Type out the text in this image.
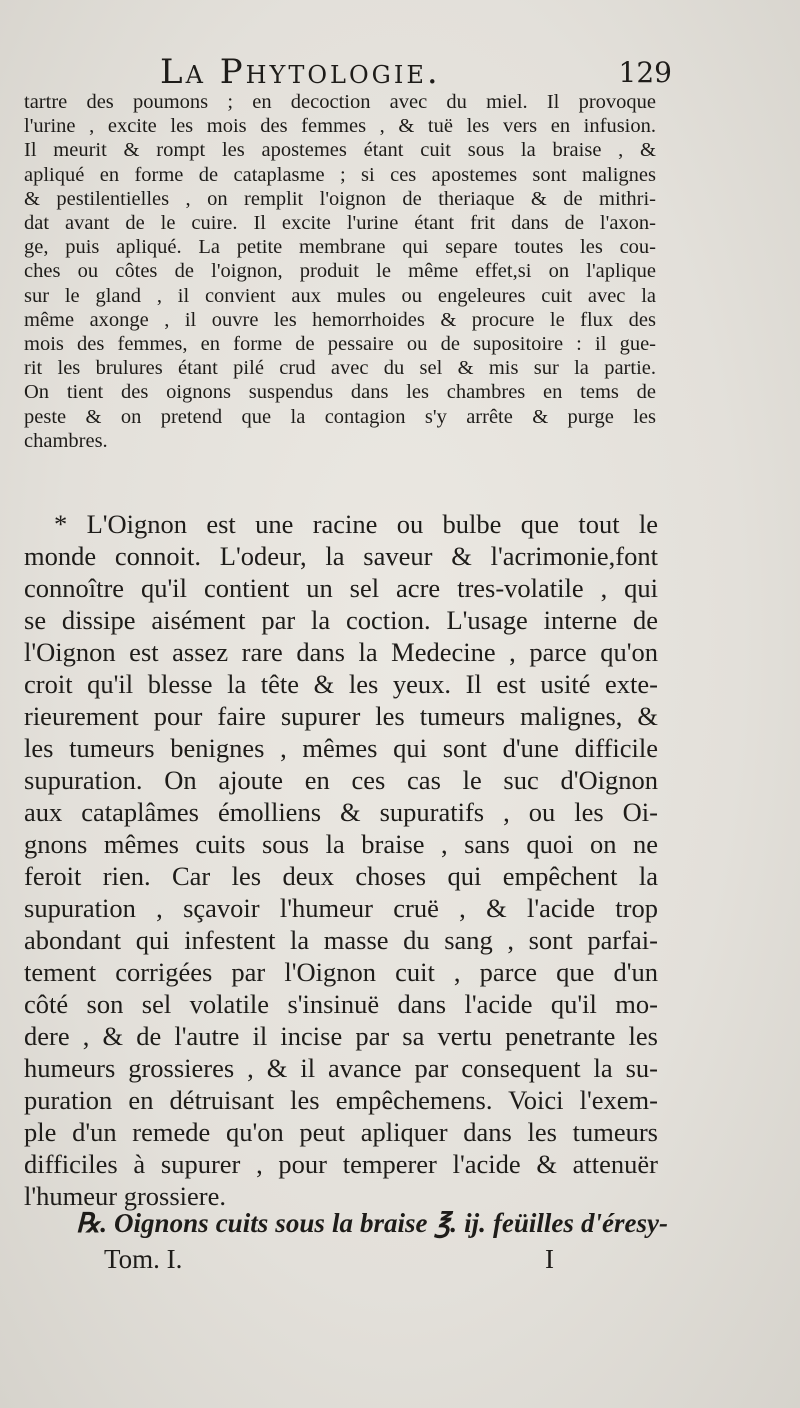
La Phytologie.	129
tartre des poumons ; en decoction avec du miel. Il provoque
l'urine , excite les mois des femmes , & tuë les vers en infusion.
Il meurit & rompt les apostemes étant cuit sous la braise , &
apliqué en forme de cataplasme ; si ces apostemes sont malignes
& pestilentielles , on remplit l'oignon de theriaque & de mithri-
dat avant de le cuire. Il excite l'urine étant frit dans de l'axon-
ge, puis apliqué. La petite membrane qui separe toutes les cou-
ches ou côtes de l'oignon, produit le même effet,si on l'aplique
sur le gland , il convient aux mules ou engeleures cuit avec la
même axonge , il ouvre les hemorrhoides & procure le flux des
mois des femmes, en forme de pessaire ou de supositoire : il gue-
rit les brulures étant pilé crud avec du sel & mis sur la partie.
On tient des oignons suspendus dans les chambres en tems de
peste & on pretend que la contagion s'y arrête & purge les
chambres.
* L'Oignon est une racine ou bulbe que tout le
monde connoit. L'odeur, la saveur & l'acrimonie,font
connoître qu'il contient un sel acre tres-volatile , qui
se dissipe aisément par la coction. L'usage interne de
l'Oignon est assez rare dans la Medecine , parce qu'on
croit qu'il blesse la tête & les yeux. Il est usité exte-
rieurement pour faire supurer les tumeurs malignes, &
les tumeurs benignes , mêmes qui sont d'une difficile
supuration. On ajoute en ces cas le suc d'Oignon
aux cataplâmes émolliens & supuratifs , ou les Oi-
gnons mêmes cuits sous la braise , sans quoi on ne
feroit rien. Car les deux choses qui empêchent la
supuration , sçavoir l'humeur cruë , & l'acide trop
abondant qui infestent la masse du sang , sont parfai-
tement corrigées par l'Oignon cuit , parce que d'un
côté son sel volatile s'insinuë dans l'acide qu'il mo-
dere , & de l'autre il incise par sa vertu penetrante les
humeurs grossieres , & il avance par consequent la su-
puration en détruisant les empêchemens. Voici l'exem-
ple d'un remede qu'on peut apliquer dans les tumeurs
difficiles à supurer , pour temperer l'acide & attenuër
l'humeur grossiere.
℞. Oignons cuits sous la braise ℥. ij. feüilles d'éresy-
Tom. I.	I
